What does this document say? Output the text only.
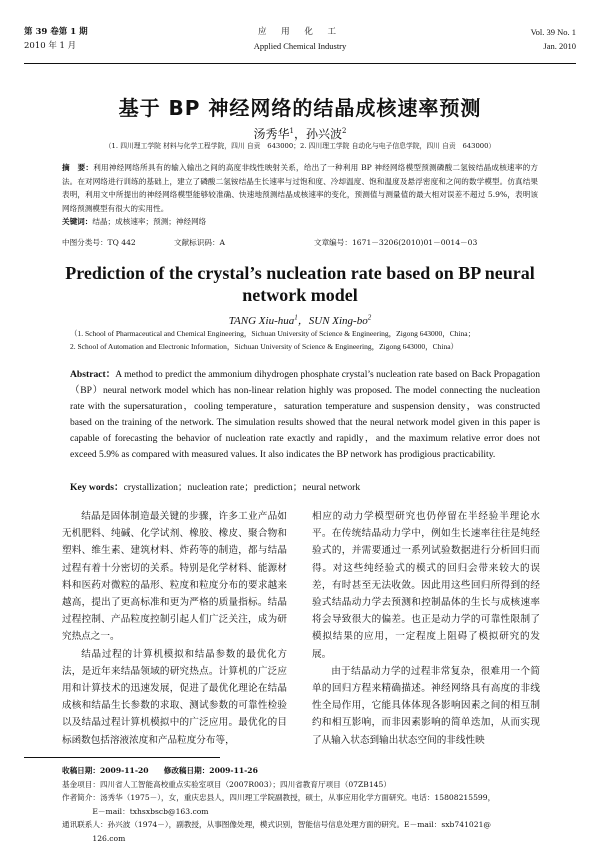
第 39 卷第 1 期
2010 年 1 月
应 用 化 工
Applied Chemical Industry
Vol. 39 No. 1
Jan. 2010
基于 BP 神经网络的结晶成核速率预测
汤秀华$^1$，孙兴波$^2$
（1. 四川理工学院 材料与化学工程学院，四川 自贡　643000；2. 四川理工学院 自动化与电子信息学院，四川 自贡　643000）
摘　要：利用神经网络所具有的输入输出之间的高度非线性映射关系，给出了一种利用 BP 神经网络模型预测磷酸二氢铵结晶成核速率的方法。在对网络进行训练的基础上，建立了磷酸二氢铵结晶生长速率与过饱和度、冷却温度、饱和温度及悬浮密度和之间的数学模型。仿真结果表明，利用文中所提出的神经网络模型能够较准确、快速地预测结晶成核速率的变化，预测值与测量值的最大相对误差不超过 5.9%，表明该网络预测模型有很大的实用性。
关键词：结晶；成核速率；预测；神经网络
中图分类号：TQ 442	文献标识码：A	文章编号：1671－3206(2010)01－0014－03
Prediction of the crystal’s nucleation rate based on BP neural network model
TANG Xiu-hua$^1$，SUN Xing-$bo^2$
（1. School of Pharmaceutical and Chemical Engineering，Sichuan University of Science & Engineering，Zigong 643000，China；
2. School of Automation and Electronic Information，Sichuan University of Science & Engineering，Zigong 643000，China）
Abstract：A method to predict the ammonium dihydrogen phosphate crystal’s nucleation rate based on Back Propagation（BP）neural network model which has non-linear relation highly was proposed. The model connecting the nucleation rate with the supersaturation，cooling temperature，saturation temperature and suspension density，was constructed based on the training of the network. The simulation results showed that the neural network model given in this paper is capable of forecasting the behavior of nucleation rate exactly and rapidly，and the maximum relative error does not exceed 5.9% as compared with measured values. It also indicates the BP network has prodigious practicability.
Key words：crystallization；nucleation rate；prediction；neural network

结晶是固体制造最关键的步骤，许多工业产品如无机肥料、纯碱、化学试剂、橡胶、橡皮、聚合物和塑料、维生素、建筑材料、炸药等的制造，都与结晶过程有着十分密切的关系。特别是化学材料、能源材料和医药对微粒的晶形、粒度和粒度分布的要求越来越高，提出了更高标准和更为严格的质量指标。结晶过程控制、产品粒度控制引起人们广泛关注，成为研究热点之一。

结晶过程的计算机模拟和结晶参数的最优化方法，是近年来结晶领域的研究热点。计算机的广泛应用和计算技术的迅速发展，促进了最优化理论在结晶成核和结晶生长参数的求取、测试参数的可靠性检验以及结晶过程计算机模拟中的广泛应用。最优化的目标函数包括溶液浓度和产品粒度分布等，

相应的动力学模型研究也仍停留在半经验半理论水平。在传统结晶动力学中，例如生长速率往往是纯经验式的，并需要通过一系列试验数据进行分析回归而得。对这些纯经验式的模式的回归会带来较大的误差，有时甚至无法收敛。因此用这些回归所得到的经验式结晶动力学去预测和控制晶体的生长与成核速率将会导致很大的偏差。也正是动力学的可靠性限制了模拟结果的应用，一定程度上阻碍了模拟研究的发展。

由于结晶动力学的过程非常复杂，很难用一个简单的回归方程来精确描述。神经网络具有高度的非线性全局作用，它能具体体现各影响因素之间的相互制约和相互影响，而非因素影响的简单迭加，从而实现了从输入状态到输出状态空间的非线性映

收稿日期：2009-11-20　　 修改稿日期：2009-11-26
基金项目：四川省人工智能高校重点实验室项目（2007R003）；四川省教育厅项目（07ZB145）
作者简介：汤秀华（1975－），女，重庆忠县人，四川理工学院副教授，硕士，从事应用化学方面研究。电话：15808215599，
E－mail：txhsxbscb@163.com
通讯联系人：孙兴波（1974－），副教授，从事图像处理，模式识别，智能信号信息处理方面的研究。E－mail：sxb741021@
126.com
